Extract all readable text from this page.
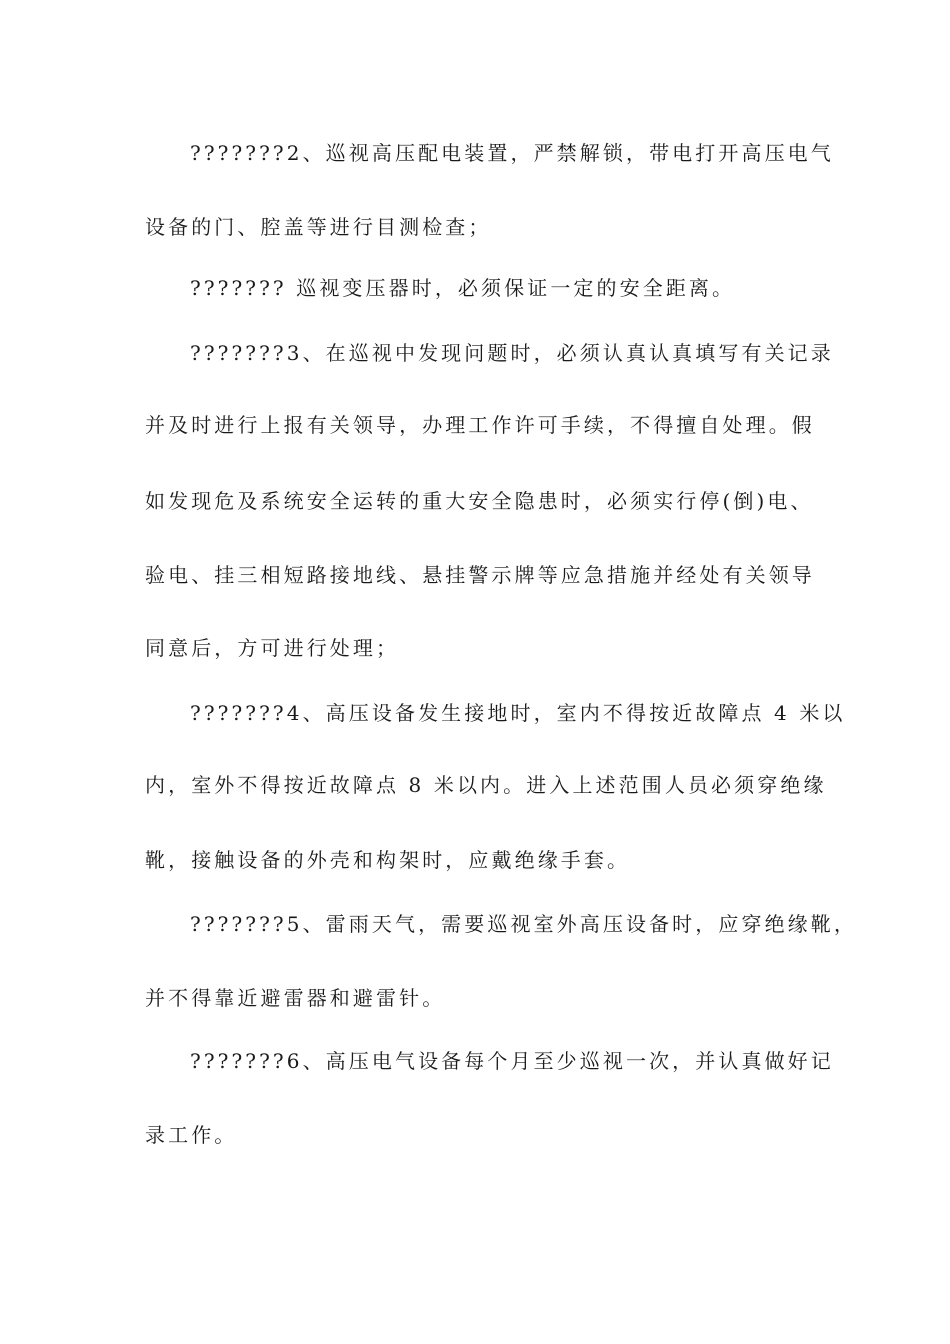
???????2、巡视高压配电装置，严禁解锁，带电打开高压电气
设备的门、腔盖等进行目测检查；
??????? 巡视变压器时，必须保证一定的安全距离。
???????3、在巡视中发现问题时，必须认真认真填写有关记录
并及时进行上报有关领导，办理工作许可手续，不得擅自处理。假
如发现危及系统安全运转的重大安全隐患时，必须实行停(倒)电、
验电、挂三相短路接地线、悬挂警示牌等应急措施并经处有关领导
同意后，方可进行处理；
???????4、高压设备发生接地时，室内不得按近故障点 4 米以
内，室外不得按近故障点 8 米以内。进入上述范围人员必须穿绝缘
靴，接触设备的外壳和构架时，应戴绝缘手套。
???????5、雷雨天气，需要巡视室外高压设备时，应穿绝缘靴，
并不得靠近避雷器和避雷针。
???????6、高压电气设备每个月至少巡视一次，并认真做好记
录工作。
